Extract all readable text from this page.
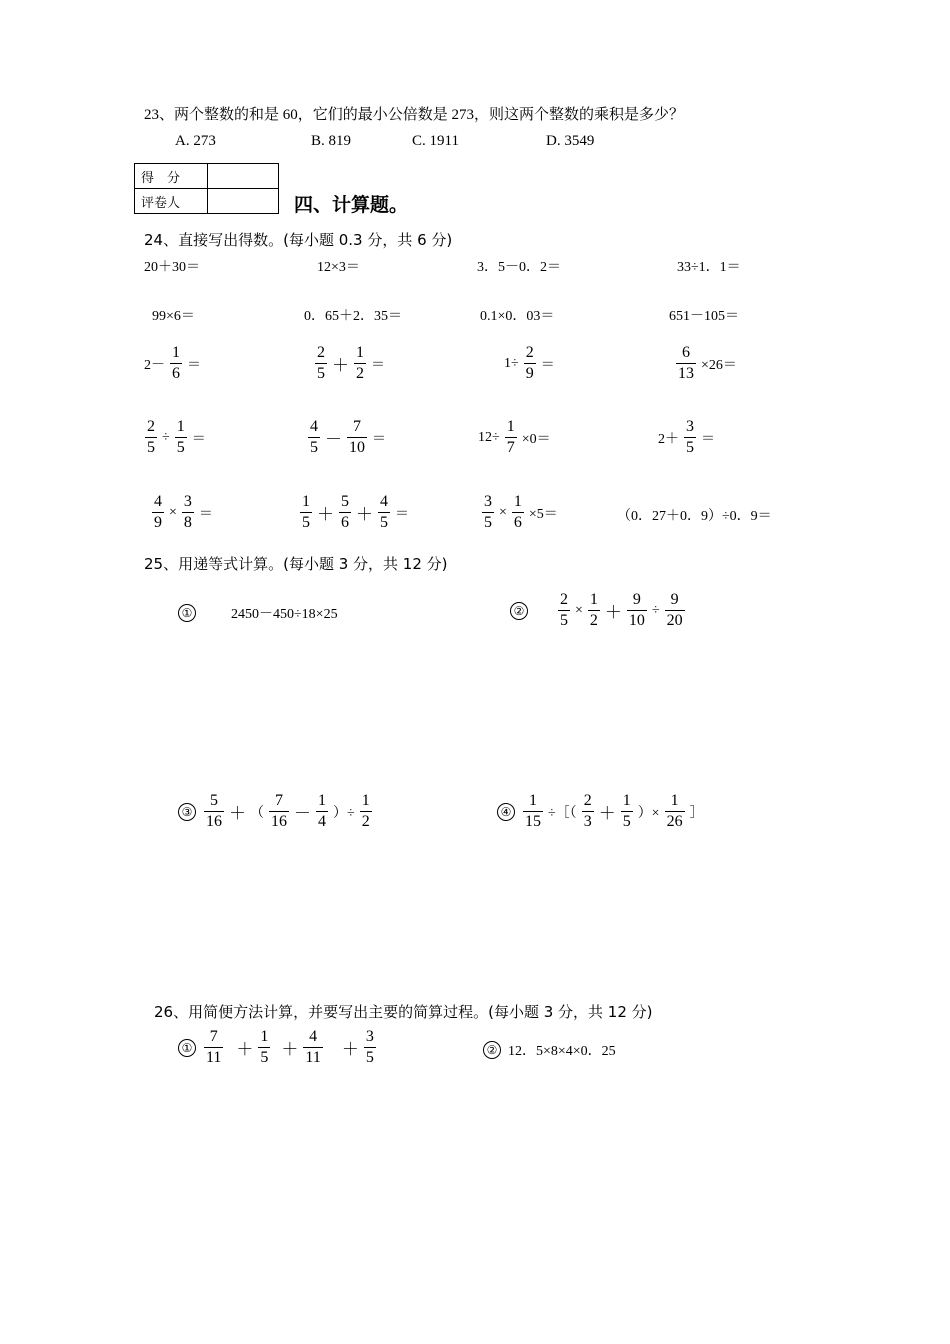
23、两个整数的和是 60，它们的最小公倍数是 273，则这两个整数的乘积是多少？
A. 273	B. 819	C. 1911	D. 3549
得　分	
评卷人		四、计算题。
24、直接写出得数。(每小题 0.3 分，共 6 分)
20＋30＝	12×3＝	3．5－0．2＝	33÷1．1＝
99×6＝	0．65＋2．35＝	0.1×0．03＝	651－105＝
$2- \frac{1}{6}$ ＝	$\frac{2}{5} + \frac{1}{2}$ ＝	$1\div \frac{2}{9}$ ＝	$\frac{6}{13} \times 26=$
$\frac{2}{5} \div \frac{1}{5}$ ＝	$\frac{4}{5} - \frac{7}{10}$ ＝	$12\div \frac{1}{7} \times 0=$	$2+ \frac{3}{5}$ ＝
$\frac{4}{9} \times \frac{3}{8}$ ＝	$\frac{1}{5} + \frac{5}{6} + \frac{4}{5}$ ＝	$\frac{3}{5} \times \frac{1}{6} \times 5=$	（0．27＋0．9）÷0．9＝
25、用递等式计算。(每小题 3 分，共 12 分)
①	2450－450÷18×25	② $\frac{2}{5} \times \frac{1}{2} + \frac{9}{10} \div \frac{9}{20}$
③ $\frac{5}{16}$ ＋ （ $\frac{7}{16} - \frac{1}{4}$ ）÷ $\frac{1}{2}$	④ $\frac{1}{15}$ ÷［（ $\frac{2}{3} + \frac{1}{5}$ ）× $\frac{1}{26}$ ］
26、用简便方法计算，并要写出主要的简算过程。(每小题 3 分，共 12 分)
① $\frac{7}{11} + \frac{1}{5} + \frac{4}{11} + \frac{3}{5}$	② 12．5×8×4×0．25
